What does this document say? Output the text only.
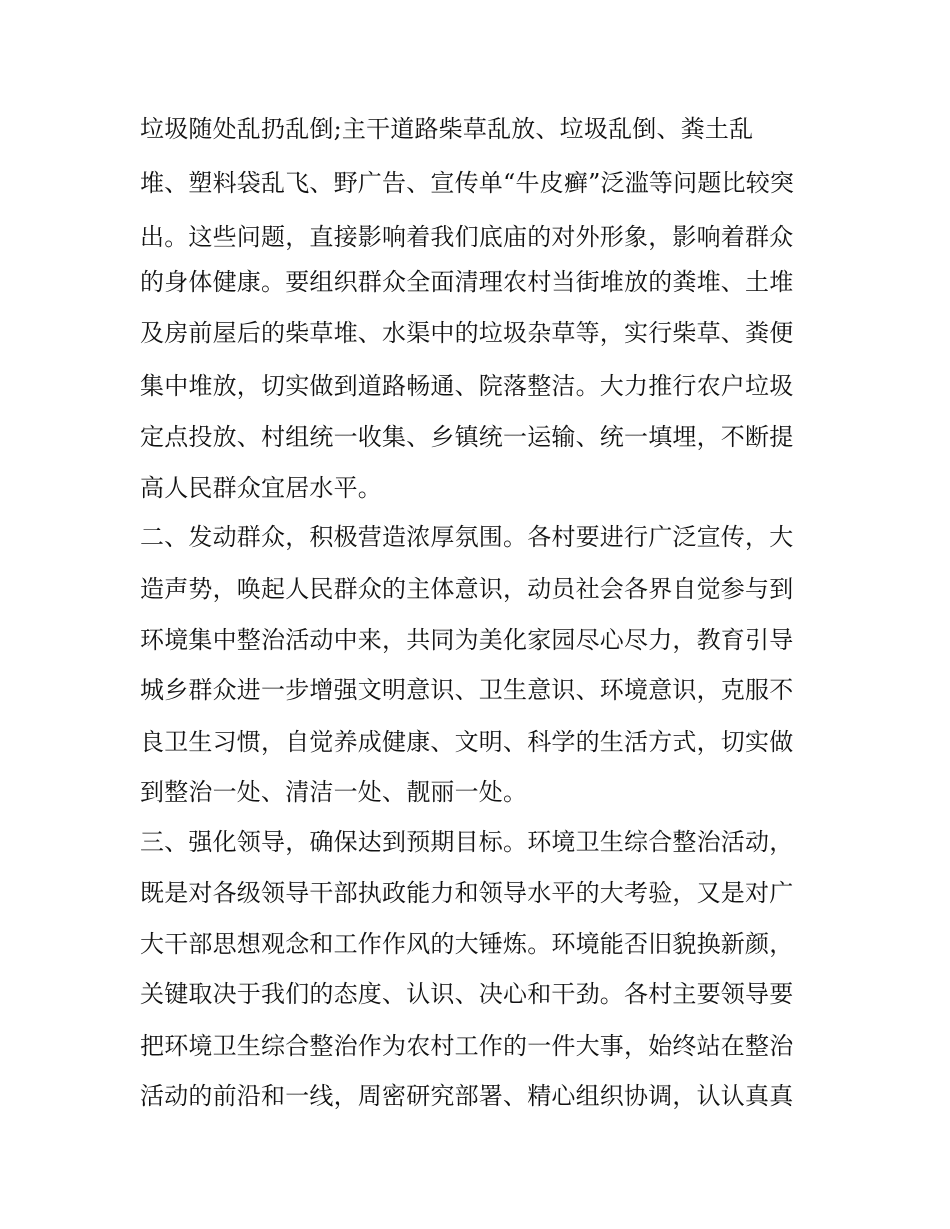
垃圾随处乱扔乱倒;主干道路柴草乱放、垃圾乱倒、粪土乱
堆、塑料袋乱飞、野广告、宣传单“牛皮癣”泛滥等问题比较突
出。这些问题，直接影响着我们底庙的对外形象，影响着群众
的身体健康。要组织群众全面清理农村当街堆放的粪堆、土堆
及房前屋后的柴草堆、水渠中的垃圾杂草等，实行柴草、粪便
集中堆放，切实做到道路畅通、院落整洁。大力推行农户垃圾
定点投放、村组统一收集、乡镇统一运输、统一填埋，不断提
高人民群众宜居水平。
二、发动群众，积极营造浓厚氛围。各村要进行广泛宣传，大
造声势，唤起人民群众的主体意识，动员社会各界自觉参与到
环境集中整治活动中来，共同为美化家园尽心尽力，教育引导
城乡群众进一步增强文明意识、卫生意识、环境意识，克服不
良卫生习惯，自觉养成健康、文明、科学的生活方式，切实做
到整治一处、清洁一处、靓丽一处。
三、强化领导，确保达到预期目标。环境卫生综合整治活动，
既是对各级领导干部执政能力和领导水平的大考验，又是对广
大干部思想观念和工作作风的大锤炼。环境能否旧貌换新颜，
关键取决于我们的态度、认识、决心和干劲。各村主要领导要
把环境卫生综合整治作为农村工作的一件大事，始终站在整治
活动的前沿和一线，周密研究部署、精心组织协调，认认真真
